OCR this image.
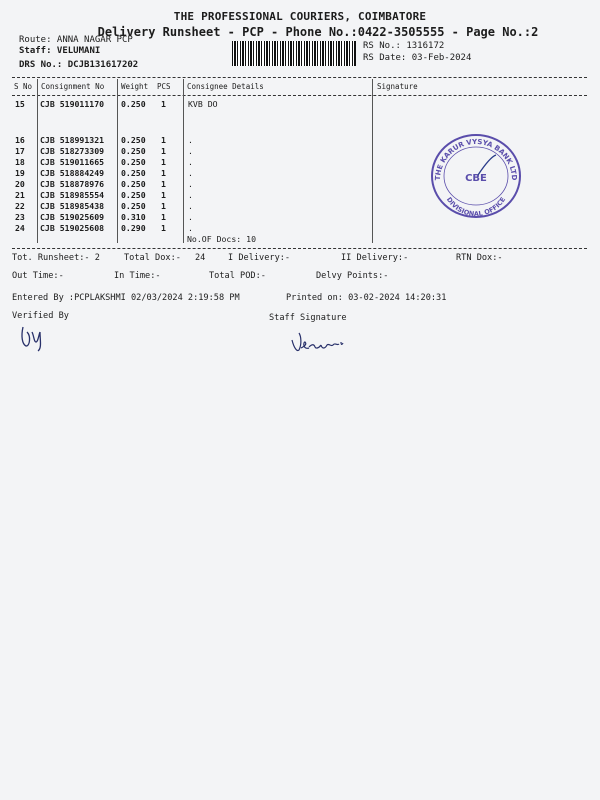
THE PROFESSIONAL COURIERS, COIMBATORE
Delivery Runsheet - PCP - Phone No.:0422-3505555 - Page No.:2
Route: ANNA NAGAR PCP
Staff: VELUMANI
DRS No.: DCJB131617202
RS No.: 1316172
RS Date: 03-Feb-2024
S No Consignment No Weight PCS Consignee Details	Signature
15 CJB 519011170 0.250 1	KVB DO
16 CJB 518991321 0.250 1	.
17 CJB 518273309 0.250 1	.
18 CJB 519011665 0.250 1	.
19 CJB 518884249 0.250 1	.
20 CJB 518878976 0.250 1	.
21 CJB 518985554 0.250 1	.
22 CJB 518985438 0.250 1	.
23 CJB 519025609 0.310 1	.
24 CJB 519025608 0.290 1	.
No.OF Docs: 10
THE KARUR VYSYA BANK LTD
DIVISIONAL OFFICE
CBE
Tot. Runsheet:- 2	Total Dox:- 24	I Delivery:-	II Delivery:-	RTN Dox:-
Out Time:-	In Time:-	Total POD:-	Delvy Points:-
Entered By :PCPLAKSHMI 02/03/2024 2:19:58 PM	Printed on: 03-02-2024 14:20:31
Verified By	Staff Signature
